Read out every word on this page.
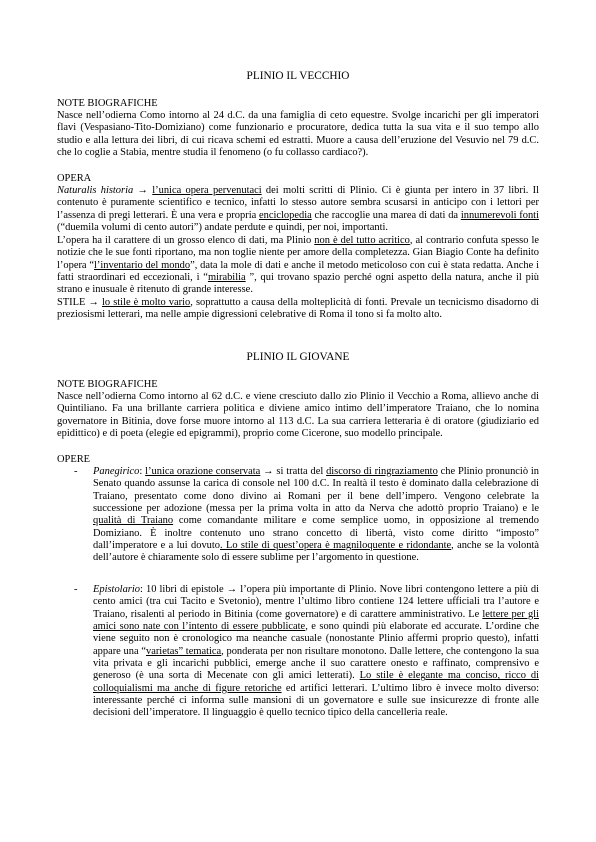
PLINIO IL VECCHIO
NOTE BIOGRAFICHE

Nasce nell’odierna Como intorno al 24 d.C. da una famiglia di ceto equestre. Svolge incarichi per gli imperatori flavi (Vespasiano-Tito-Domiziano) come funzionario e procuratore, dedica tutta la sua vita e il suo tempo allo studio e alla lettura dei libri, di cui ricava schemi ed estratti. Muore a causa dell’eruzione del Vesuvio nel 79 d.C. che lo coglie a Stabia, mentre studia il fenomeno (o fu collasso cardiaco?).

OPERA

Naturalis historia → l’unica opera pervenutaci dei molti scritti di Plinio. Ci è giunta per intero in 37 libri. Il contenuto è puramente scientifico e tecnico, infatti lo stesso autore sembra scusarsi in anticipo con i lettori per l’assenza di pregi letterari. È una vera e propria enciclopedia che raccoglie una marea di dati da innumerevoli fonti (“duemila volumi di cento autori”) andate perdute e quindi, per noi, importanti.

L’opera ha il carattere di un grosso elenco di dati, ma Plinio non è del tutto acritico, al contrario confuta spesso le notizie che le sue fonti riportano, ma non toglie niente per amore della completezza. Gian Biagio Conte ha definito l’opera “l’inventario del mondo”, data la mole di dati e anche il metodo meticoloso con cui è stata redatta. Anche i fatti straordinari ed eccezionali, i “mirabilia ”, qui trovano spazio perché ogni aspetto della natura, anche il più strano e inusuale è ritenuto di grande interesse.

STILE → lo stile è molto vario, soprattutto a causa della molteplicità di fonti. Prevale un tecnicismo disadorno di preziosismi letterari, ma nelle ampie digressioni celebrative di Roma il tono si fa molto alto.

PLINIO IL GIOVANE
NOTE BIOGRAFICHE

Nasce nell’odierna Como intorno al 62 d.C. e viene cresciuto dallo zio Plinio il Vecchio a Roma, allievo anche di Quintiliano. Fa una brillante carriera politica e diviene amico intimo dell’imperatore Traiano, che lo nomina governatore in Bitinia, dove forse muore intorno al 113 d.C. La sua carriera letteraria è di oratore (giudiziario ed epidittico) e di poeta (elegie ed epigrammi), proprio come Cicerone, suo modello principale.

OPERE
-	Panegirico: l’unica orazione conservata → si tratta del discorso di ringraziamento che Plinio pronunciò in Senato quando assunse la carica di console nel 100 d.C. In realtà il testo è dominato dalla celebrazione di Traiano, presentato come dono divino ai Romani per il bene dell’impero. Vengono celebrate la successione per adozione (messa per la prima volta in atto da Nerva che adottò proprio Traiano) e le qualità di Traiano come comandante militare e come semplice uomo, in opposizione al tremendo Domiziano. È inoltre contenuto uno strano concetto di libertà, visto come diritto “imposto” dall’imperatore e a lui dovuto. Lo stile di quest’opera è magniloquente e ridondante, anche se la volontà dell’autore è chiaramente solo di essere sublime per l’argomento in questione.

-	Epistolario: 10 libri di epistole → l’opera più importante di Plinio. Nove libri contengono lettere a più di cento amici (tra cui Tacito e Svetonio), mentre l’ultimo libro contiene 124 lettere ufficiali tra l’autore e Traiano, risalenti al periodo in Bitinia (come governatore) e di carattere amministrativo. Le lettere per gli amici sono nate con l’intento di essere pubblicate, e sono quindi più elaborate ed accurate. L’ordine che viene seguito non è cronologico ma neanche casuale (nonostante Plinio affermi proprio questo), infatti appare una “varietas” tematica, ponderata per non risultare monotono. Dalle lettere, che contengono la sua vita privata e gli incarichi pubblici, emerge anche il suo carattere onesto e raffinato, comprensivo e generoso (è una sorta di Mecenate con gli amici letterati). Lo stile è elegante ma conciso, ricco di colloquialismi ma anche di figure retoriche ed artifici letterari. L’ultimo libro è invece molto diverso: interessante perché ci informa sulle mansioni di un governatore e sulle sue insicurezze di fronte alle decisioni dell’imperatore. Il linguaggio è quello tecnico tipico della cancelleria reale.
